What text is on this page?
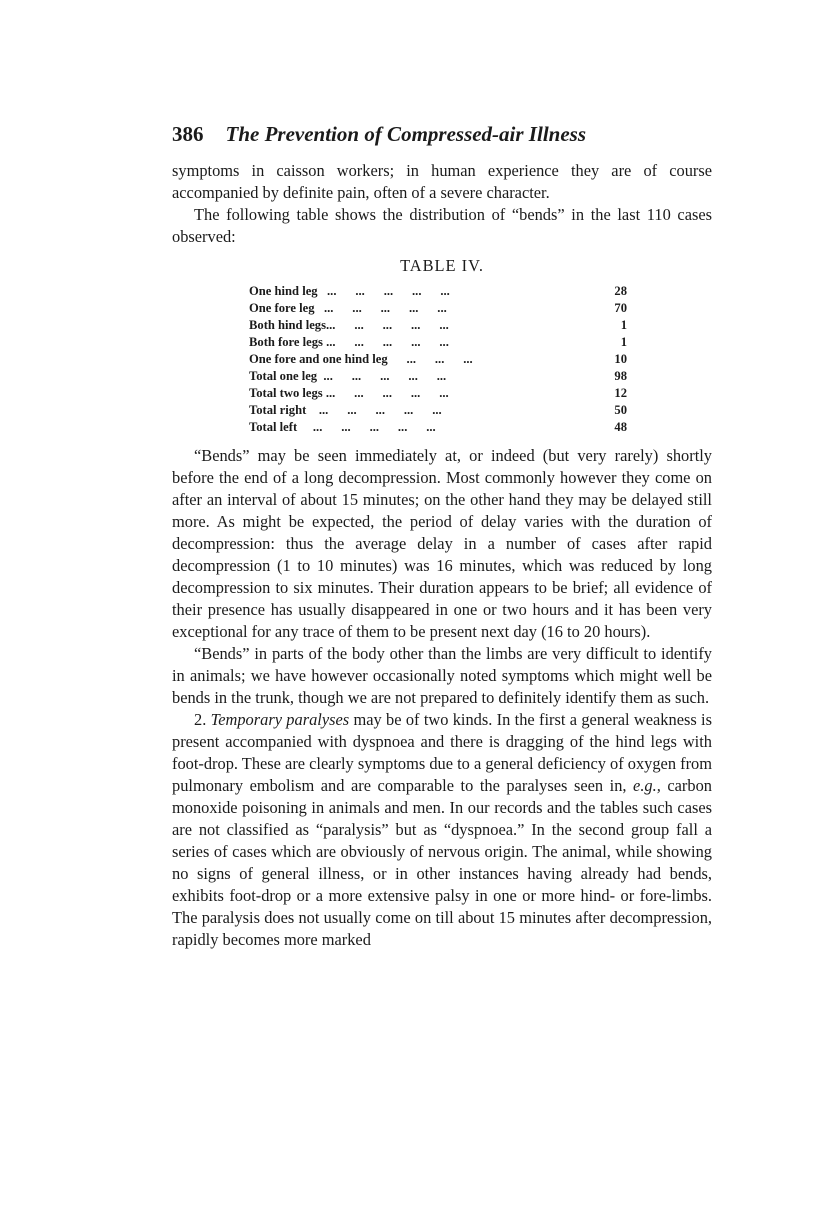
386 The Prevention of Compressed-air Illness

symptoms in caisson workers; in human experience they are of course accompanied by definite pain, often of a severe character.

The following table shows the distribution of “bends” in the last 110 cases observed:

TABLE IV.
One hind leg   ...      ...      ...      ...      ...	28
One fore leg   ...      ...      ...      ...      ...	70
Both hind legs...      ...      ...      ...      ...	1
Both fore legs ...      ...      ...      ...      ...	1
One fore and one hind leg      ...      ...      ...	10
Total one leg  ...      ...      ...      ...      ...	98
Total two legs ...      ...      ...      ...      ...	12
Total right    ...      ...      ...      ...      ...	50
Total left     ...      ...      ...      ...      ...	48

“Bends” may be seen immediately at, or indeed (but very rarely) shortly before the end of a long decompression. Most commonly however they come on after an interval of about 15 minutes; on the other hand they may be delayed still more. As might be expected, the period of delay varies with the duration of decompression: thus the average delay in a number of cases after rapid decompression (1 to 10 minutes) was 16 minutes, which was reduced by long decompression to six minutes. Their duration appears to be brief; all evidence of their presence has usually disappeared in one or two hours and it has been very exceptional for any trace of them to be present next day (16 to 20 hours).

“Bends” in parts of the body other than the limbs are very difficult to identify in animals; we have however occasionally noted symptoms which might well be bends in the trunk, though we are not prepared to definitely identify them as such.

2. Temporary paralyses may be of two kinds. In the first a general weakness is present accompanied with dyspnoea and there is dragging of the hind legs with foot-drop. These are clearly symptoms due to a general deficiency of oxygen from pulmonary embolism and are comparable to the paralyses seen in, e.g., carbon monoxide poisoning in animals and men. In our records and the tables such cases are not classified as “paralysis” but as “dyspnoea.” In the second group fall a series of cases which are obviously of nervous origin. The animal, while showing no signs of general illness, or in other instances having already had bends, exhibits foot-drop or a more extensive palsy in one or more hind- or fore-limbs. The paralysis does not usually come on till about 15 minutes after decompression, rapidly becomes more marked
